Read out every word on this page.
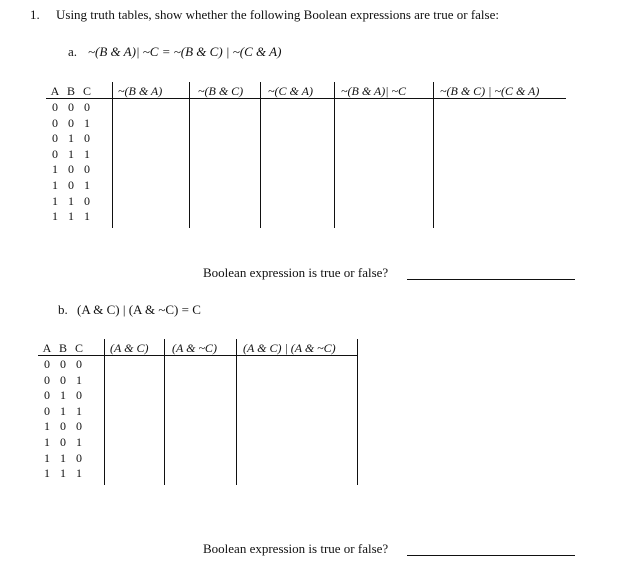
1. Using truth tables, show whether the following Boolean expressions are true or false:
a. ~(B & A)| ~C = ~(B & C) | ~(C & A)
A B C ~(B & A)	~(B & C) ~(C & A) ~(B & A)| ~C	~(B & C) | ~(C & A)
0 0 0
0 0 1
0 1 0
0 1 1
1 0 0
1 0 1
1 1 0
1 1 1
Boolean expression is true or false?
b. (A & C) | (A & ~C) = C
A B C (A & C) (A & ~C) (A & C) | (A & ~C)
0 0 0
0 0 1
0 1 0
0 1 1
1 0 0
1 0 1
1 1 0
1 1 1
Boolean expression is true or false?
